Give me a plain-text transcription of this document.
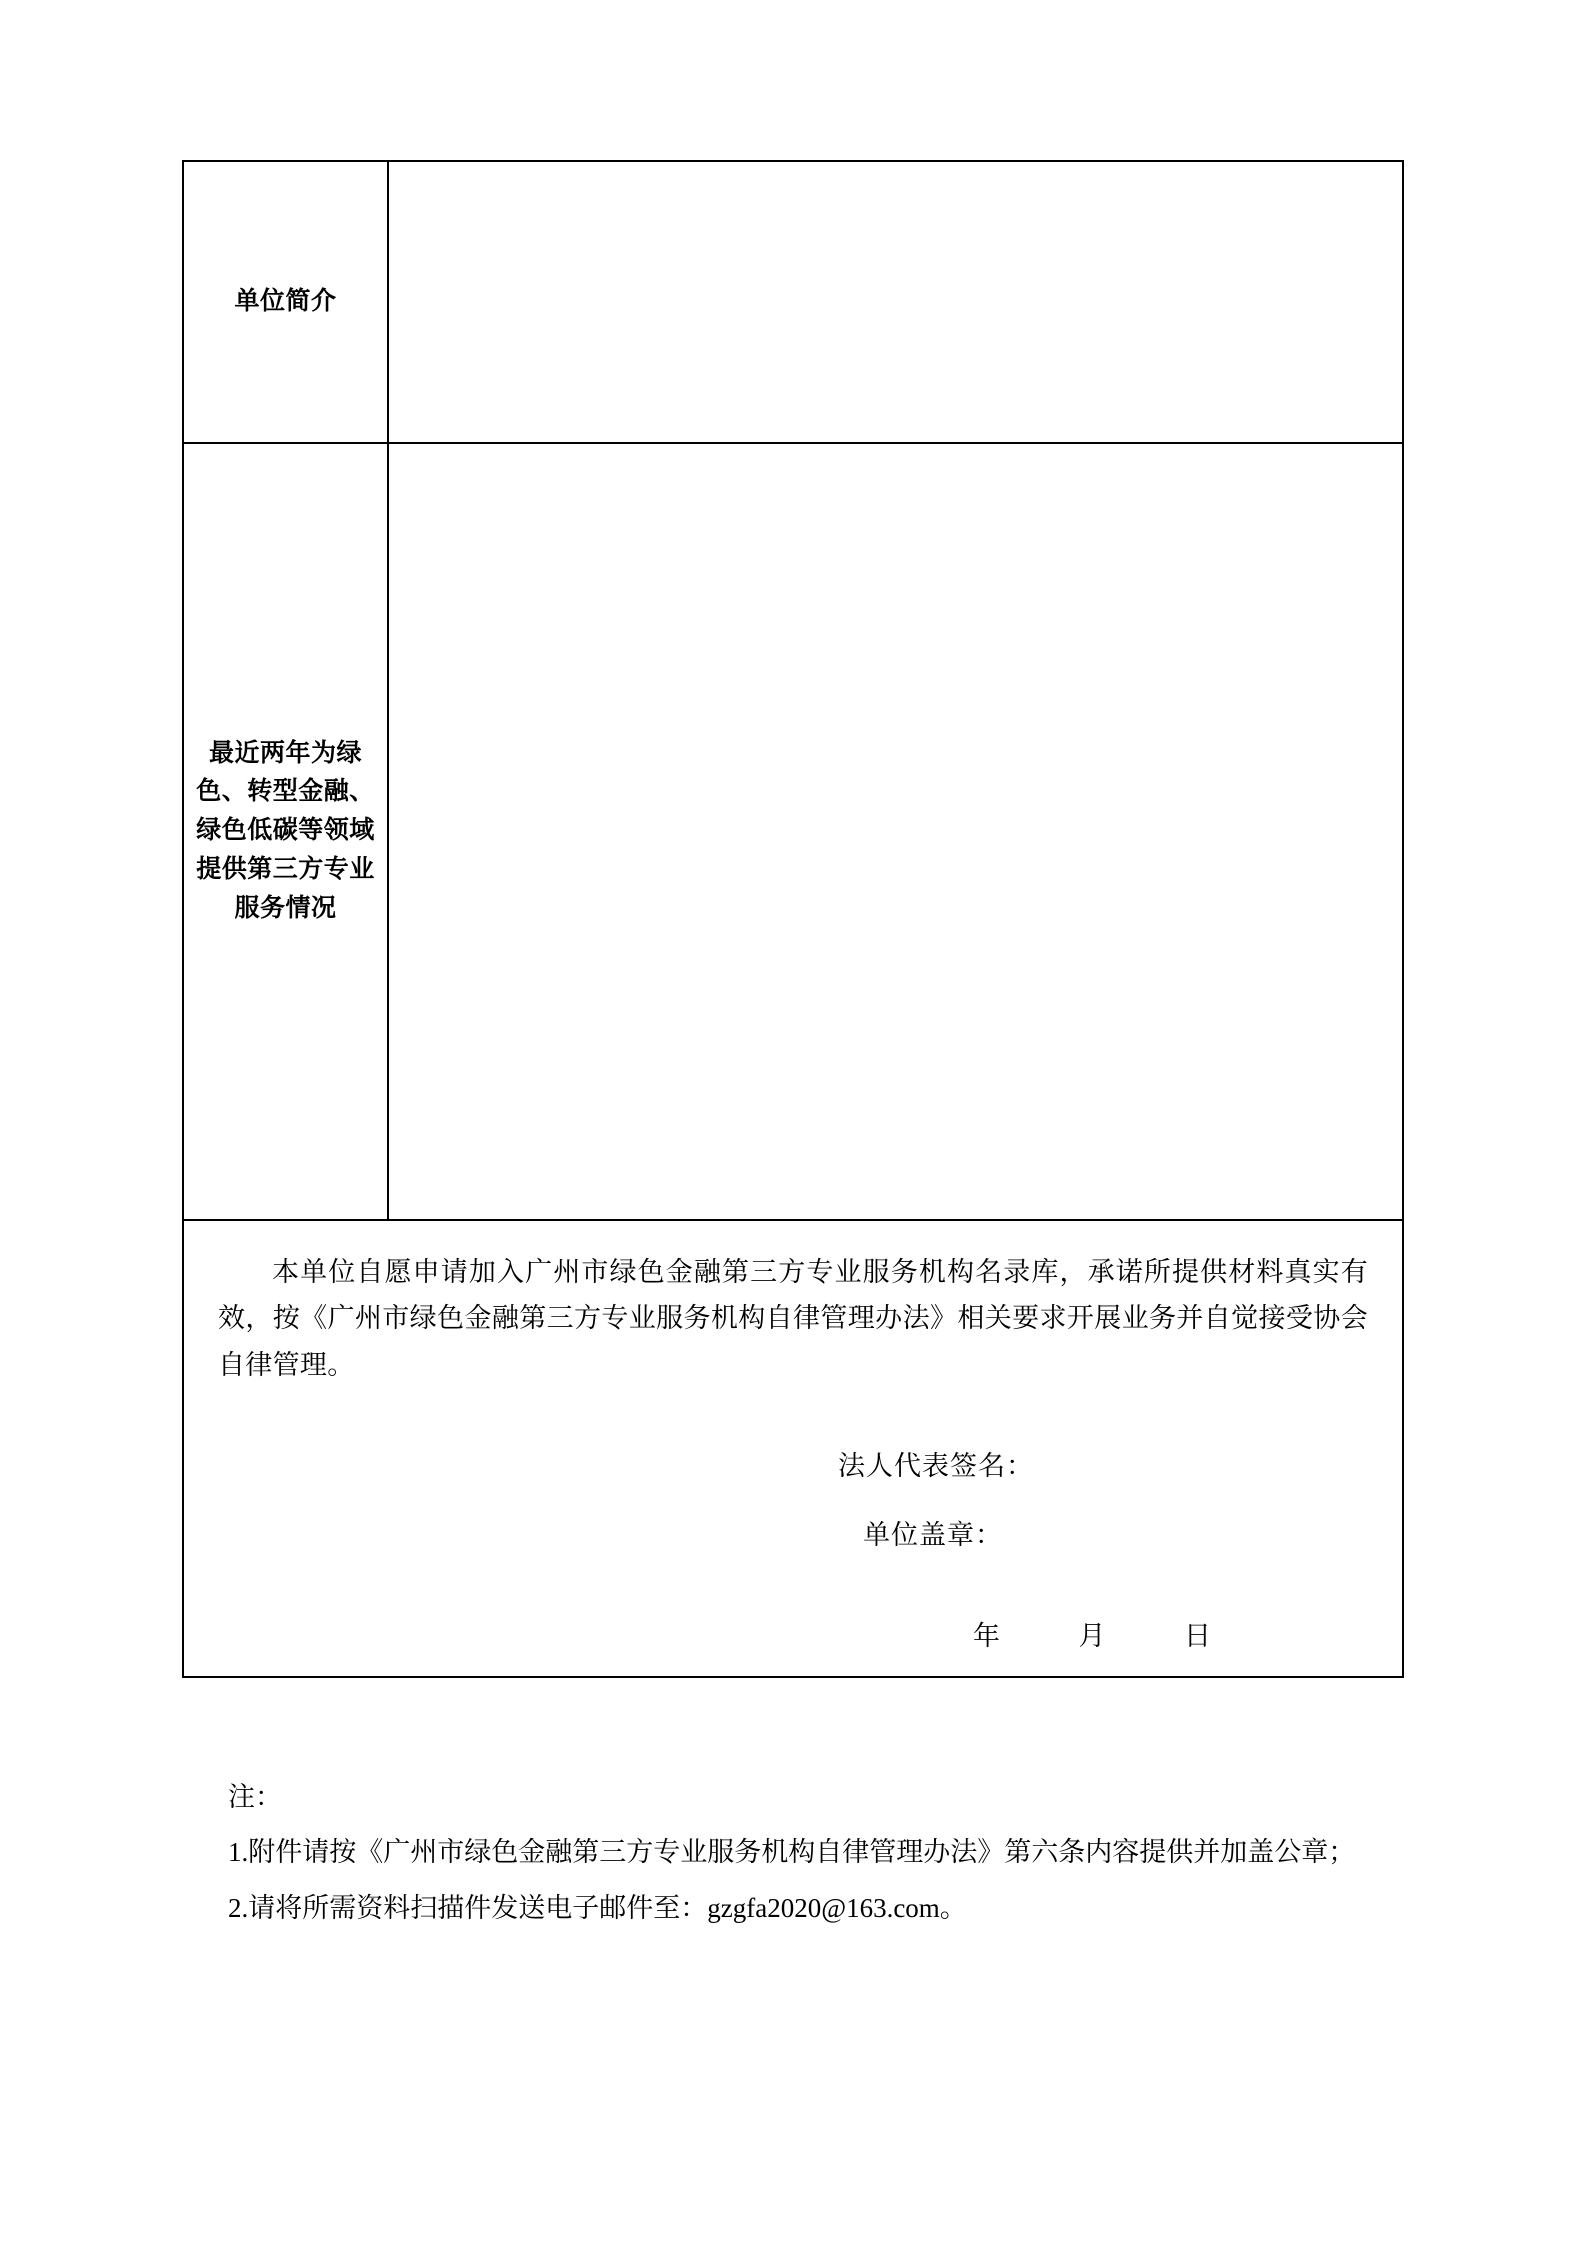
单位简介	
最近两年为绿色、转型金融、绿色低碳等领域提供第三方专业服务情况	

本单位自愿申请加入广州市绿色金融第三方专业服务机构名录库，承诺所提供材料真实有效，按《广州市绿色金融第三方专业服务机构自律管理办法》相关要求开展业务并自觉接受协会自律管理。
法人代表签名：
单位盖章：
年 月 日	
注：
1.附件请按《广州市绿色金融第三方专业服务机构自律管理办法》第六条内容提供并加盖公章；
2.请将所需资料扫描件发送电子邮件至：gzgfa2020@163.com。
